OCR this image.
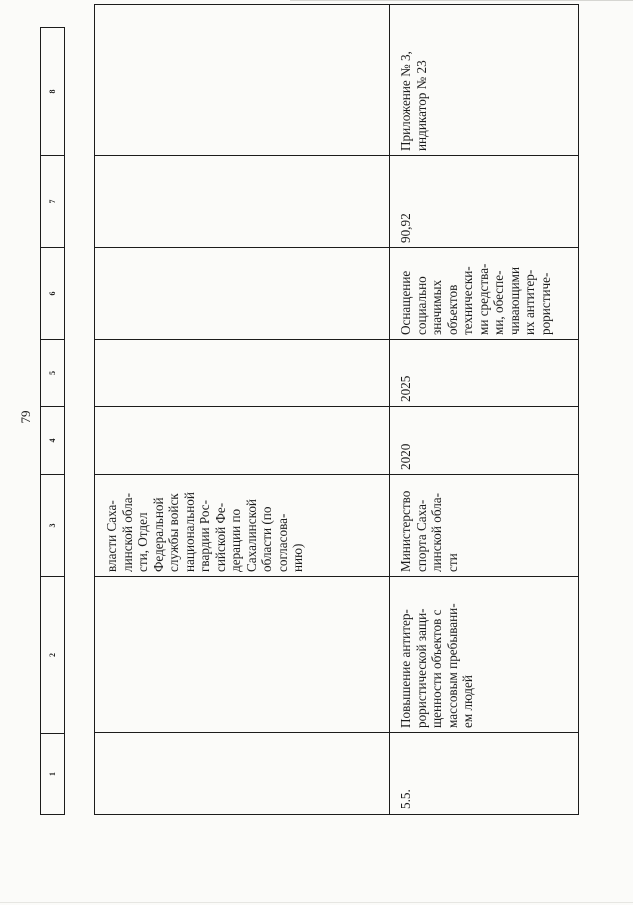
79
1
2
3
4
5
6
7
8

власти Саха- линской обла- сти, Отдел Федеральной службы войск национальной гвардии Рос- сийской Фе- дерации по Сахалинской области (по согласова- нию)

5.5.

Повышение антитер- рористической защи- щенности объектов с массовым пребывани- ем людей

Министерство спорта Саха- линской обла- сти

2020
2025

Оснащение социально значимых объектов технически- ми средства- ми, обеспе- чивающими их антитер- рористиче-

90,92

Приложение № 3, индикатор № 23
